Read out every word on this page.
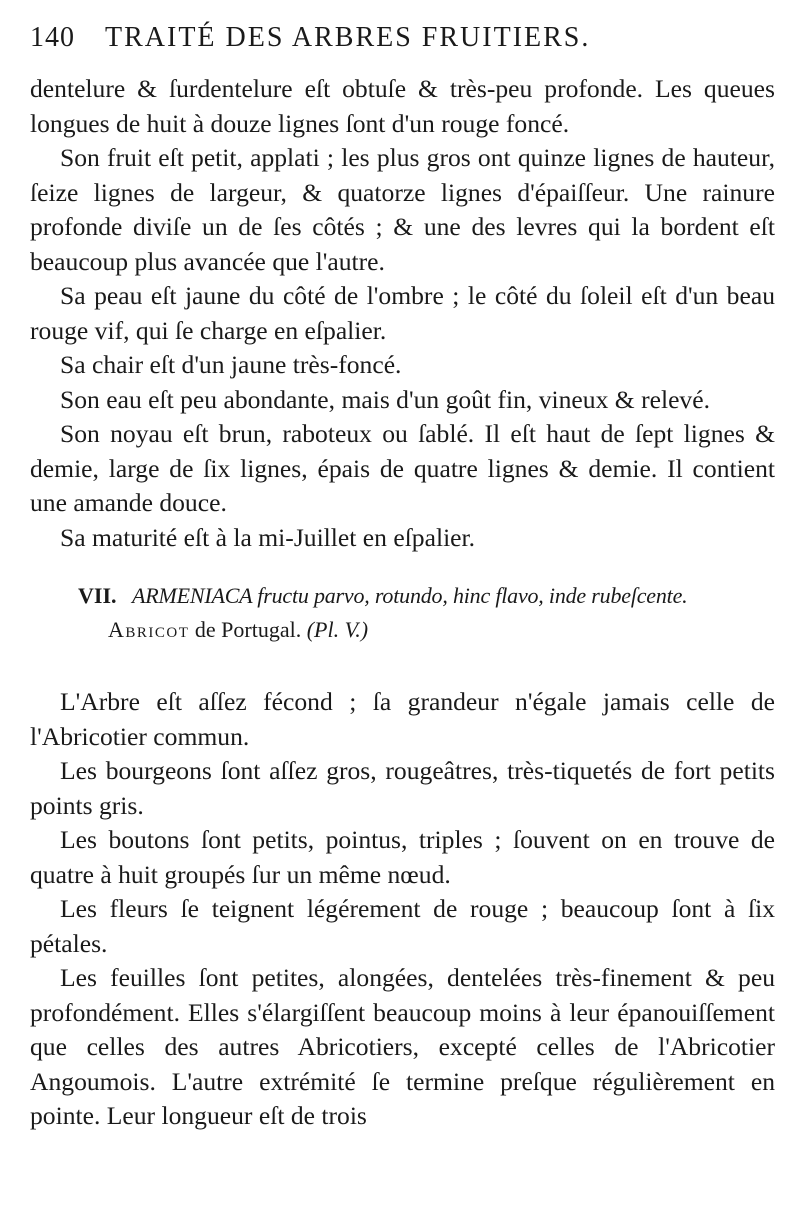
140 TRAITÉ DES ARBRES FRUITIERS.

dentelure & ſurdentelure eſt obtuſe & très-peu profonde. Les queues longues de huit à douze lignes ſont d'un rouge foncé.

Son fruit eſt petit, applati ; les plus gros ont quinze lignes de hauteur, ſeize lignes de largeur, & quatorze lignes d'épaiſſeur. Une rainure profonde diviſe un de ſes côtés ; & une des levres qui la bordent eſt beaucoup plus avancée que l'autre.

Sa peau eſt jaune du côté de l'ombre ; le côté du ſoleil eſt d'un beau rouge vif, qui ſe charge en eſpalier.

Sa chair eſt d'un jaune très-foncé.

Son eau eſt peu abondante, mais d'un goût fin, vineux & relevé.

Son noyau eſt brun, raboteux ou ſablé. Il eſt haut de ſept lignes & demie, large de ſix lignes, épais de quatre lignes & demie. Il contient une amande douce.

Sa maturité eſt à la mi-Juillet en eſpalier.

VII. ARMENIACA fructu parvo, rotundo, hinc flavo, inde rubeſcente.
Abricot de Portugal. (Pl. V.)

L'Arbre eſt aſſez fécond ; ſa grandeur n'égale jamais celle de l'Abricotier commun.

Les bourgeons ſont aſſez gros, rougeâtres, très-tiquetés de fort petits points gris.

Les boutons ſont petits, pointus, triples ; ſouvent on en trouve de quatre à huit groupés ſur un même nœud.

Les fleurs ſe teignent légérement de rouge ; beaucoup ſont à ſix pétales.

Les feuilles ſont petites, alongées, dentelées très-finement & peu profondément. Elles s'élargiſſent beaucoup moins à leur épanouiſſement que celles des autres Abricotiers, excepté celles de l'Abricotier Angoumois. L'autre extrémité ſe termine preſque régulièrement en pointe. Leur longueur eſt de trois
